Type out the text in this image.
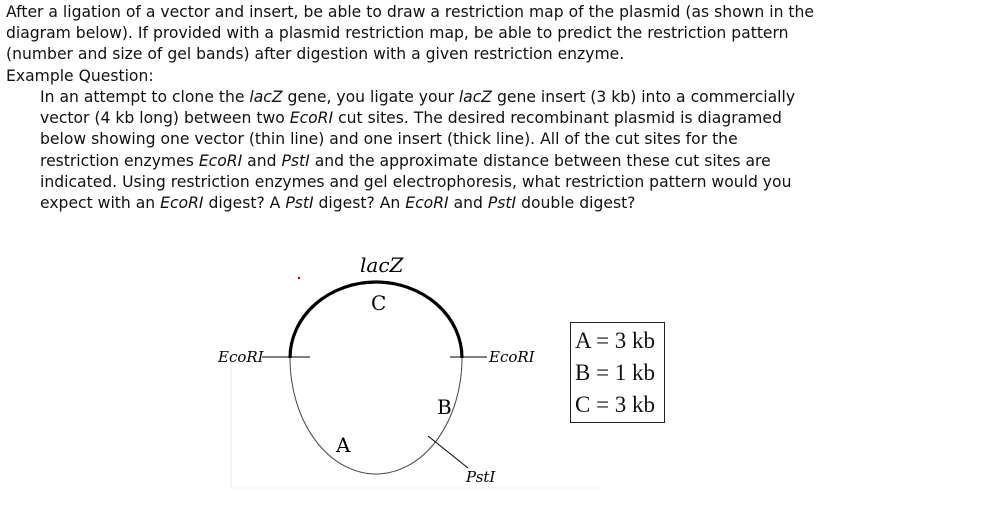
After a ligation of a vector and insert, be able to draw a restriction map of the plasmid (as shown in the

diagram below). If provided with a plasmid restriction map, be able to predict the restriction pattern

(number and size of gel bands) after digestion with a given restriction enzyme.

Example Question:

In an attempt to clone the lacZ gene, you ligate your lacZ gene insert (3 kb) into a commercially

vector (4 kb long) between two EcoRI cut sites. The desired recombinant plasmid is diagramed

below showing one vector (thin line) and one insert (thick line). All of the cut sites for the

restriction enzymes EcoRI and PstI and the approximate distance between these cut sites are

indicated. Using restriction enzymes and gel electrophoresis, what restriction pattern would you

expect with an EcoRI digest? A PstI digest? An EcoRI and PstI double digest?

lacZ
C
B
A
EcoRI	EcoRI
PstI
A = 3 kb
B = 1 kb
C = 3 kb
